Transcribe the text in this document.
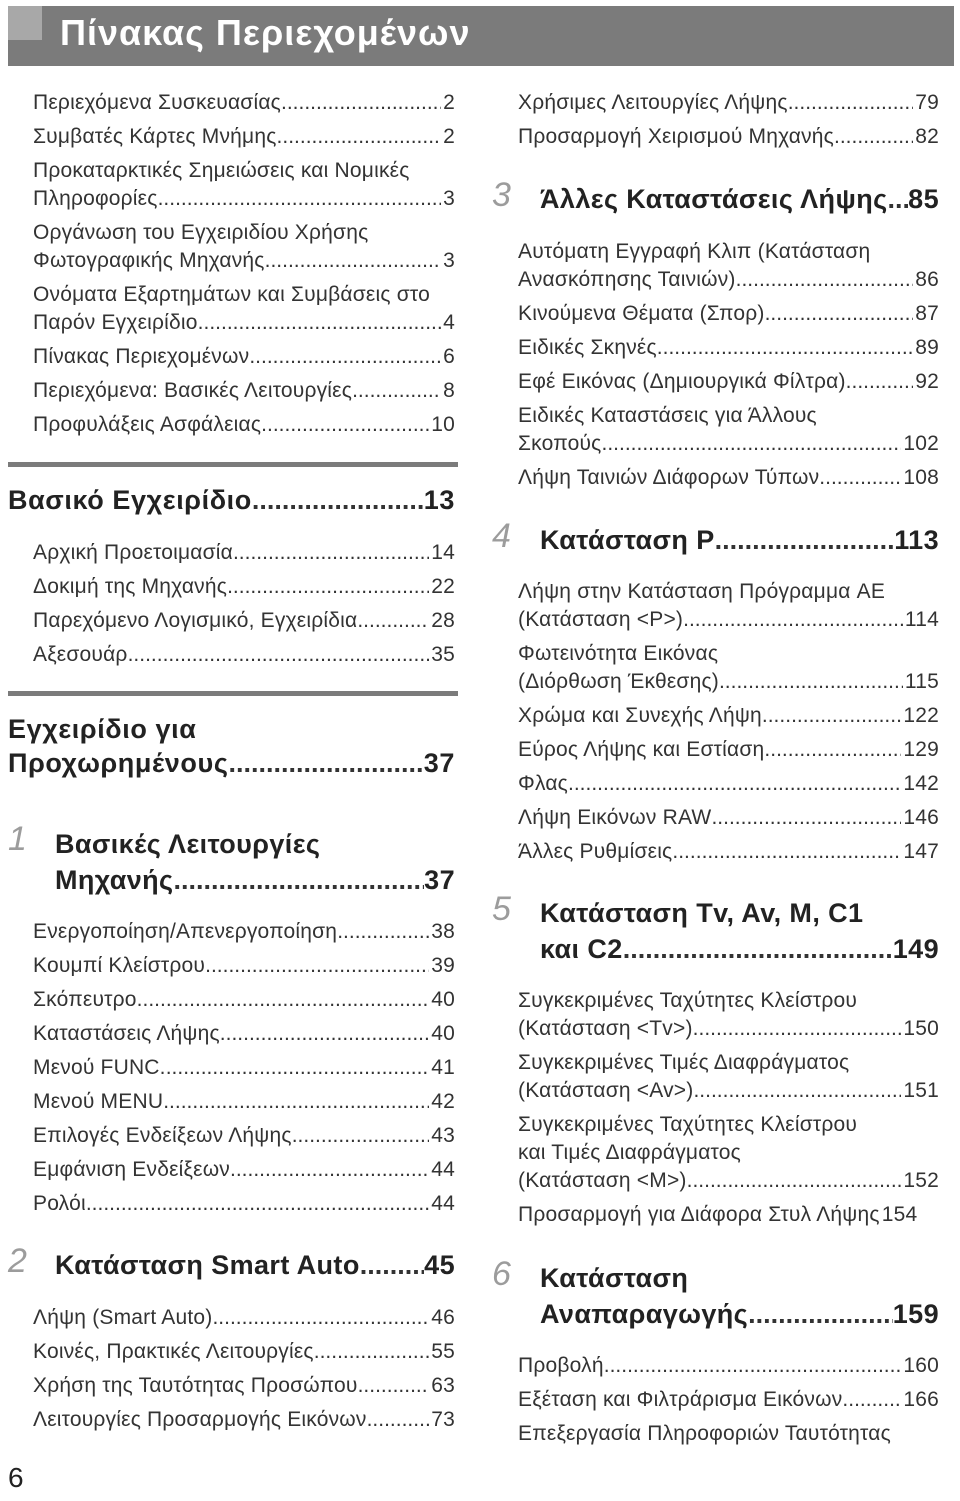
Πίνακας Περιεχομένων
Περιεχόμενα Συσκευασίας .....	2
Συμβατές Κάρτες Μνήμης .....	2
Προκαταρκτικές Σημειώσεις και Νομικές
Πληροφορίες .....	3
Οργάνωση του Εγχειριδίου Χρήσης
Φωτογραφικής Μηχανής .....	3
Ονόματα Εξαρτημάτων και Συμβάσεις στο
Παρόν Εγχειρίδιο .....	4
Πίνακας Περιεχομένων .....	6
Περιεχόμενα: Βασικές Λειτουργίες .....	8
Προφυλάξεις Ασφάλειας .....	10
Βασικό Εγχειρίδιο .....	13
Αρχική Προετοιμασία .....	14
Δοκιμή της Μηχανής .....	22
Παρεχόμενο Λογισμικό, Εγχειρίδια .....	28
Αξεσουάρ .....	35
Εγχειρίδιο για
Προχωρημένους .....	37
1 Βασικές Λειτουργίες
Μηχανής .....	37
Ενεργοποίηση/Απενεργοποίηση .....	38
Κουμπί Κλείστρου .....	39
Σκόπευτρο .....	40
Καταστάσεις Λήψης .....	40
Μενού FUNC. .....	41
Μενού MENU .....	42
Επιλογές Ενδείξεων Λήψης .....	43
Εμφάνιση Ενδείξεων .....	44
Ρολόι .....	44
2 Κατάσταση Smart Auto ..... 45
Λήψη (Smart Auto) .....	46
Κοινές, Πρακτικές Λειτουργίες .....	55
Χρήση της Ταυτότητας Προσώπου .....	63
Λειτουργίες Προσαρμογής Εικόνων .....	73
Χρήσιμες Λειτουργίες Λήψης .....	79
Προσαρμογή Χειρισμού Μηχανής .....	82
3 Άλλες Καταστάσεις Λήψης ..... 85
Αυτόματη Εγγραφή Κλιπ (Κατάσταση
Ανασκόπησης Ταινιών) .....	86
Κινούμενα Θέματα (Σπορ) .....	87
Ειδικές Σκηνές .....	89
Εφέ Εικόνας (Δημιουργικά Φίλτρα) .....	92
Ειδικές Καταστάσεις για Άλλους
Σκοπούς .....	102
Λήψη Ταινιών Διάφορων Τύπων .....	108
4 Κατάσταση P .....	113
Λήψη στην Κατάσταση Πρόγραμμα AE
(Κατάσταση <P>) .....	114
Φωτεινότητα Εικόνας
(Διόρθωση Έκθεσης) .....	115
Χρώμα και Συνεχής Λήψη .....	122
Εύρος Λήψης και Εστίαση .....	129
Φλας .....	142
Λήψη Εικόνων RAW .....	146
Άλλες Ρυθμίσεις .....	147
5 Κατάσταση Tv, Av, M, C1
και C2 .....	149
Συγκεκριμένες Ταχύτητες Κλείστρου
(Κατάσταση <Tv>) .....	150
Συγκεκριμένες Τιμές Διαφράγματος
(Κατάσταση <Av>) .....	151
Συγκεκριμένες Ταχύτητες Κλείστρου
και Τιμές Διαφράγματος
(Κατάσταση <M>) .....	152
Προσαρμογή για Διάφορα Στυλ Λήψης 154
6 Κατάσταση
Αναπαραγωγής .....	159
Προβολή .....	160
Εξέταση και Φιλτράρισμα Εικόνων .....	166
Επεξεργασία Πληροφοριών Ταυτότητας
6
